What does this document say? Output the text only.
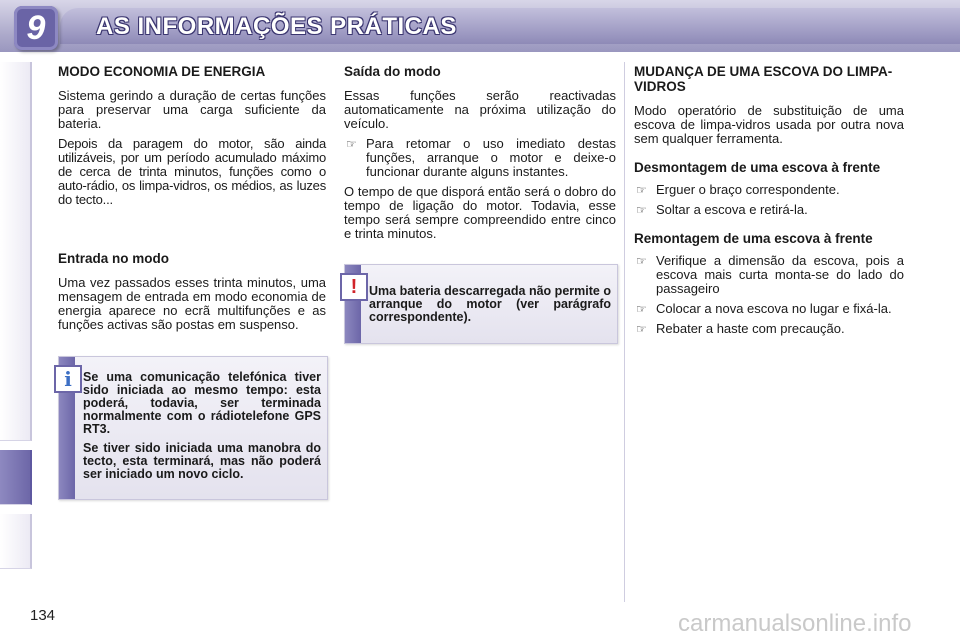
9	AS INFORMAÇÕES PRÁTICAS
MODO ECONOMIA DE ENERGIA

Sistema gerindo a duração de certas funções para preservar uma carga suficiente da bateria.

Depois da paragem do motor, são ainda utilizáveis, por um período acumulado máximo de cerca de trinta minutos, funções como o auto-rádio, os limpa-vidros, os médios, as luzes do tecto...

Entrada no modo

Uma vez passados esses trinta minutos, uma mensagem de entrada em modo economia de energia aparece no ecrã multifunções e as funções activas são postas em suspenso.

i Se uma comunicação telefónica tiver sido iniciada ao mesmo tempo: esta poderá, todavia, ser terminada normalmente com o rádiotelefone GPS RT3.

Se tiver sido iniciada uma manobra do tecto, esta terminará, mas não poderá ser iniciado um novo ciclo.

Saída do modo

Essas funções serão reactivadas automaticamente na próxima utilização do veículo.

☞ Para retomar o uso imediato destas funções, arranque o motor e deixe-o funcionar durante alguns instantes.

O tempo de que disporá então será o dobro do tempo de ligação do motor. Todavia, esse tempo será sempre compreendido entre cinco e trinta minutos.

! Uma bateria descarregada não permite o arranque do motor (ver parágrafo correspondente).

MUDANÇA DE UMA ESCOVA DO LIMPA-VIDROS

Modo operatório de substituição de uma escova de limpa-vidros usada por outra nova sem qualquer ferramenta.

Desmontagem de uma escova à frente
☞ Erguer o braço correspondente.
☞ Soltar a escova e retirá-la.
Remontagem de uma escova à frente
☞ Verifique a dimensão da escova, pois a escova mais curta monta-se do lado do passageiro
☞ Colocar a nova escova no lugar e fixá-la.
☞ Rebater a haste com precaução.
134	carmanualsonline.info
